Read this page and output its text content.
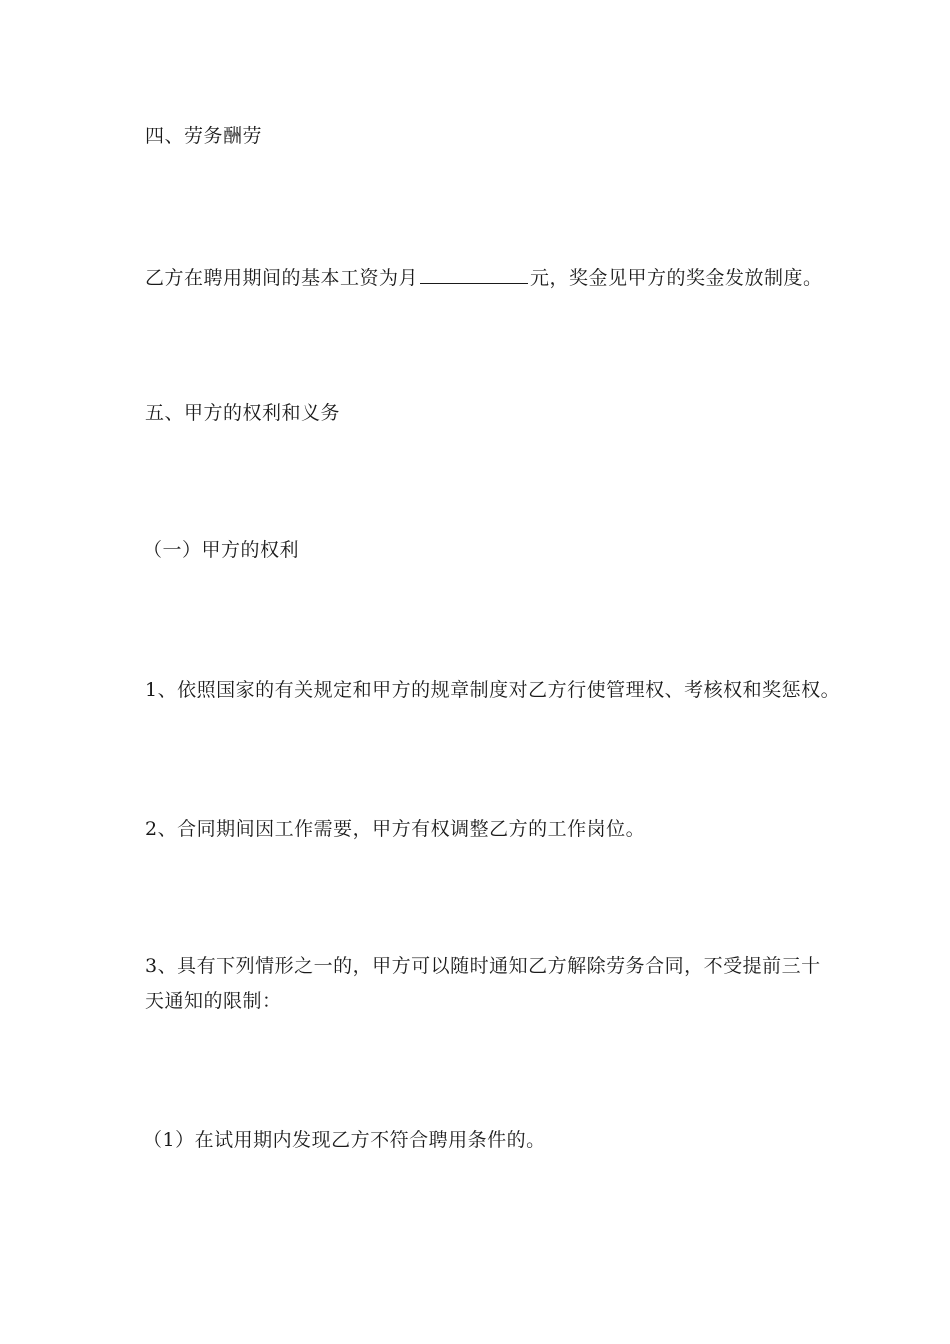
四、劳务酬劳
乙方在聘用期间的基本工资为月	元，奖金见甲方的奖金发放制度。
五、甲方的权利和义务
（一）甲方的权利
1、依照国家的有关规定和甲方的规章制度对乙方行使管理权、考核权和奖惩权。
2、合同期间因工作需要，甲方有权调整乙方的工作岗位。
3、具有下列情形之一的，甲方可以随时通知乙方解除劳务合同，不受提前三十
天通知的限制：
（1）在试用期内发现乙方不符合聘用条件的。
